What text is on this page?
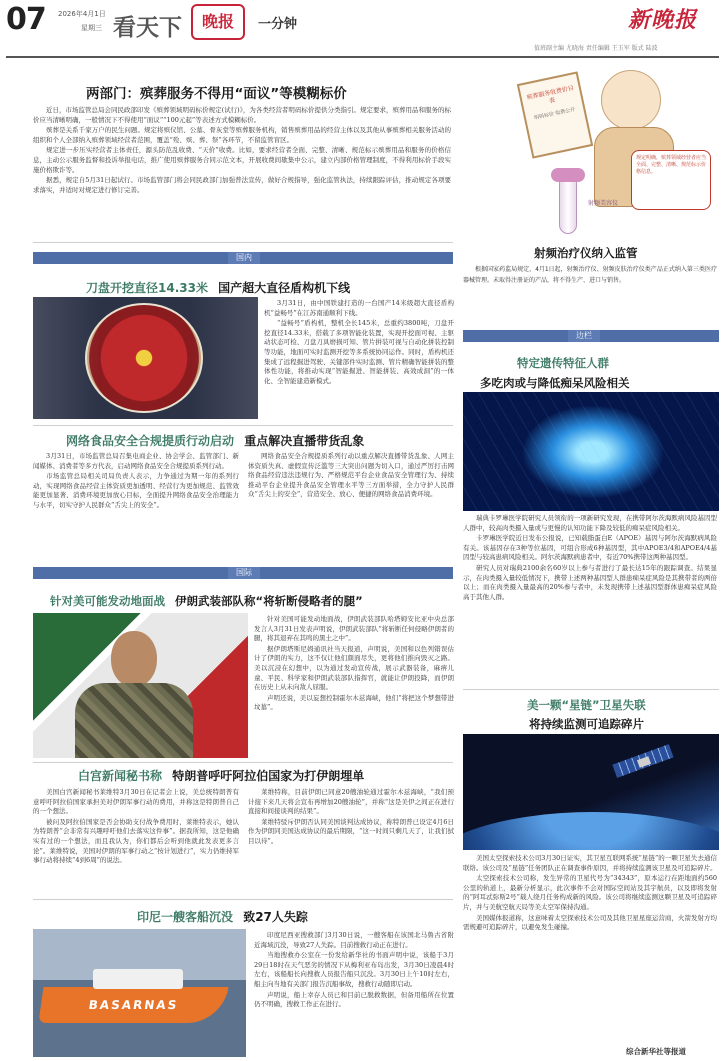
07 2026年4月1日
星期三 看天下	晚报	一分钟	新晚报
值班副主编 尤晓海 责任编辑 王玉军 版式 陆波
两部门：殡葬服务不得用“面议”等模糊标价

近日，市场监管总局会同民政部印发《殡葬领域明码标价规定(试行)》，为各类经营者明码标价提供分类指引。规定要求，殡葬用品和服务的标价应当清晰明确，一般情况下不得使用“面议”“100元起”等表述方式模糊标价。

殡葬是关系千家万户的民生问题。规定将殡仪馆、公墓、骨灰堂等殡葬服务机构，销售殡葬用品的经营主体以及其他从事殡葬相关服务活动的组织和个人全部纳入殡葬领域经营者范围，覆盖“殓、殡、葬、祭”各环节，不留监管盲区。

规定进一步压实经营者主体责任，源头防范乱收费、“天价”收费。比如，要求经营者全面、完整、清晰、规范标示殡葬用品和服务的价格信息，主动公示服务监督和投诉举报电话，推广使用殡葬服务合同示范文本，开展收费间歇集中公示，建立内部价格管理制度，不得利用标价手段实施价格欺诈等。

据悉，规定自5月31日起试行。市场监管部门将会同民政部门加强普法宣传，做好合规指导，强化监管执法，持续跟踪评估，推动规定各项要求落实，并适时对规定进行修订完善。

殡葬服务收费价目表
明码标价 收费公开
规定明确，殡葬领域经营者应当全面、完整、清晰、规范标示价格信息。
射频美容仪
射频治疗仪纳入监管

根据国家药监局规定，4月1日起，射频治疗仪、射频皮肤治疗仪类产品正式纳入第三类医疗器械管理。未取得注册证的产品，将不得生产、进口与销售。

国内
刀盘开挖直径14.33米 国产超大直径盾构机下线

3月31日，由中国铁建打造的一台国产14米级超大直径盾构机“益畅号”在江苏南通顺利下线。

“益畅号”盾构机，整机全长145米，总重约3800吨，刀盘开挖直径14.33米，搭载了多项智能化装置，实现开挖面可视、主驱动状态可检、刀盘刀具磨损可知、管片拼装可视与自动化拼装控制等功能，地面可实时监测开挖等多系统协同运作。同时，盾构机还集成了远程掘进驾驶、关键部件实时监测、管片精确智能拼装的整体性功能，将推动实现“智能掘进、智能拼装、高效成洞”的一体化、全智能建造新模式。

网络食品安全合规提质行动启动 重点解决直播带货乱象

3月31日，市场监管总局召集电商企业、协会学会、监管部门、新闻媒体、消费者等多方代表，启动网络食品安全合规提质系列行动。

市场监管总局相关司局负责人表示，力争通过为期一年的系列行动，实现网络食品经营主体资质更加透明、经营行为更加规范、监管效能更加显著、消费环境更加放心目标，全面提升网络食品安全治理能力与水平，切实守护人民群众“舌尖上的安全”。

网络食品安全合规提质系列行动以重点解决直播带货乱象、人网主体资质失真、虚假宣传泛滥等三大突出问题为切入口，通过严厉打击网络食品经营违法违规行为、严格规范平台企业食品安全管理行为、持续推动平台企业提升食品安全管理水平等三方面举措，全力守护人民群众“舌尖上的安全”，营造安全、放心、便捷的网络食品消费环境。

国际
针对美可能发动地面战 伊朗武装部队称“将斩断侵略者的腿”

针对美国可能发动地面战，伊朗武装部队哈塔姆安比亚中央总部发言人3月31日发表声明说，伊朗武装部队“将斩断任何侵略伊朗者的腿，将其退弃在其鸣的黑土之中”。

据伊朗塔斯尼姆通讯社当天报道，声明说，美国和以色列错误估计了伊朗的实力，这不仅让他们颜面尽失，更将他们推向毁灭之路。美以沉浸在幻想中，以为通过发动宣传战，展示武器装备，麻痹儿童、平民、科学家和伊朗武装部队指挥官，就能让伊朗投降，而伊朗在历史上从未向敌人屈服。

声明还说，美以妄想控制霍尔木兹海峡，他们“将把这个梦想带进坟墓”。

白宫新闻秘书称 特朗普呼吁阿拉伯国家为打伊朗埋单

美国白宫新闻秘书莱维特3月30日在记者会上说，美总统特朗普有意呼吁阿拉伯国家承担美对伊朗军事行动的费用，并称这是特朗普自己的一个想法。

被问及阿拉伯国家是否会协助支付战争费用时，莱维特表示，她认为特朗普“会非常有兴趣呼吁他们去落实这件事”。据我所知，这是他确实有过的一个想法，而且我认为，你们都后会听到他就此发表更多言论”。莱维特说，美国对伊朗的军事行动之“按计划进行”，实力仍维持军事行动将持续“4到6周”的说法。

莱维特称，目前伊朗已同意20艘油轮通过霍尔木兹海峡，“我们预计接下来几天将会宣布再增加20艘油轮”，并称“这是美伊之间正在进行直接和间接谈判的结果”。

莱维特驳斥伊朗否认同美国谈判达成协议，称特朗普已设定4月6日作为伊朗同美国达成协议的最后期限，“这一时间只剩几天了，让我们拭目以待”。

印尼一艘客船沉没 致27人失踪
BASARNAS

印度尼西亚搜救部门3月30日说，一艘客船在该国北马鲁古省附近海域沉没，导致27人失踪。目前搜救行动正在进行。

当地搜救办公室在一份发给新华社的书面声明中说，该船于3月29日18时在天气恶劣的情况下从梅利亚布岛出发，3月30日凌晨4时左右，该船船长向搜救人员报告船只沉没。3月30日上午10时左右，船主向当地有关部门报告沉船事故，搜救行动随即启动。

声明说，船上幸存人员已和目前已脱救数据，但备用船所在位置仍不明确，搜救工作正在进行。

边栏
特定遗传特征人群
多吃肉或与降低痴呆风险相关

瑞典卡罗琳医学院研究人员领衔的一项新研究发现，在携带阿尔茨海默病风险基因型人群中，较高肉类摄入量或与更慢的认知功能下降及较低的痴呆症风险相关。

卡罗琳医学院近日发布公报说，已知载脂蛋白E（APOE）基因与阿尔茨海默病风险有关。该基因存在3种等位基因，可组合形成6种基因型，其中APOE3/4和APOE4/4基因型与较高患病风险相关。阿尔茨海默病患者中，有近70%携带这两种基因型。

研究人员对瑞典2100余名60岁以上参与者进行了最长达15年的跟踪调查。结果显示，在肉类摄入量较低情况下，携带上述两种基因型人群患痴呆症风险是其携带者的两倍以上；而在肉类摄入量最高的20%参与者中，未发现携带上述基因型群体患痴呆症风险高于其他人群。

美一颗“星链”卫星失联
将持续监测可追踪碎片

美国太空探索技术公司3月30日证实，其卫星互联网系统“星链”的一颗卫星失去通信联络。该公司及“星链”任务团队正在调查事件原因，并将持续监测该卫星及可追踪碎片。

太空探索技术公司称，发生异常的卫星代号为“34343”，原本运行在距地面约560公里的轨道上，最新分析显示，此次事件不会对国际空间站及其宇航员，以及即将发射的“阿耳忒弥斯2号”载人绕月任务构成新的风险。该公司将继续监测这颗卫星及可追踪碎片，并与美航空航天局等美太空军保持沟通。

美国媒体报道称，这意味着太空探索技术公司及其他卫星星座运营商，火箭发射方均需规避可追踪碎片，以避免发生碰撞。

综合新华社等报道
